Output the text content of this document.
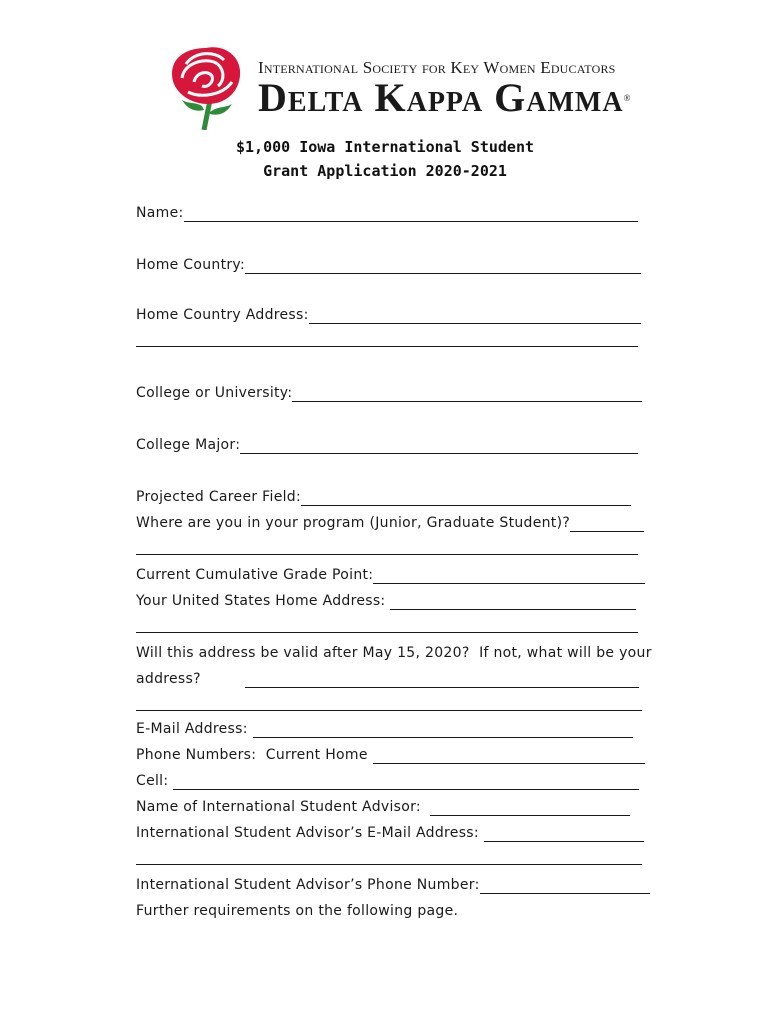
International Society for Key Women Educators
Delta Kappa Gamma®
$1,000 Iowa International Student
Grant Application 2020-2021
Name:
Home Country:
Home Country Address:
College or University:
College Major:
Projected Career Field:
Where are you in your program (Junior, Graduate Student)?
Current Cumulative Grade Point:
Your United States Home Address:
Will this address be valid after May 15, 2020?  If not, what will be your
address?
E-Mail Address:
Phone Numbers:  Current Home
Cell:
Name of International Student Advisor:
International Student Advisor’s E-Mail Address:
International Student Advisor’s Phone Number:
Further requirements on the following page.
